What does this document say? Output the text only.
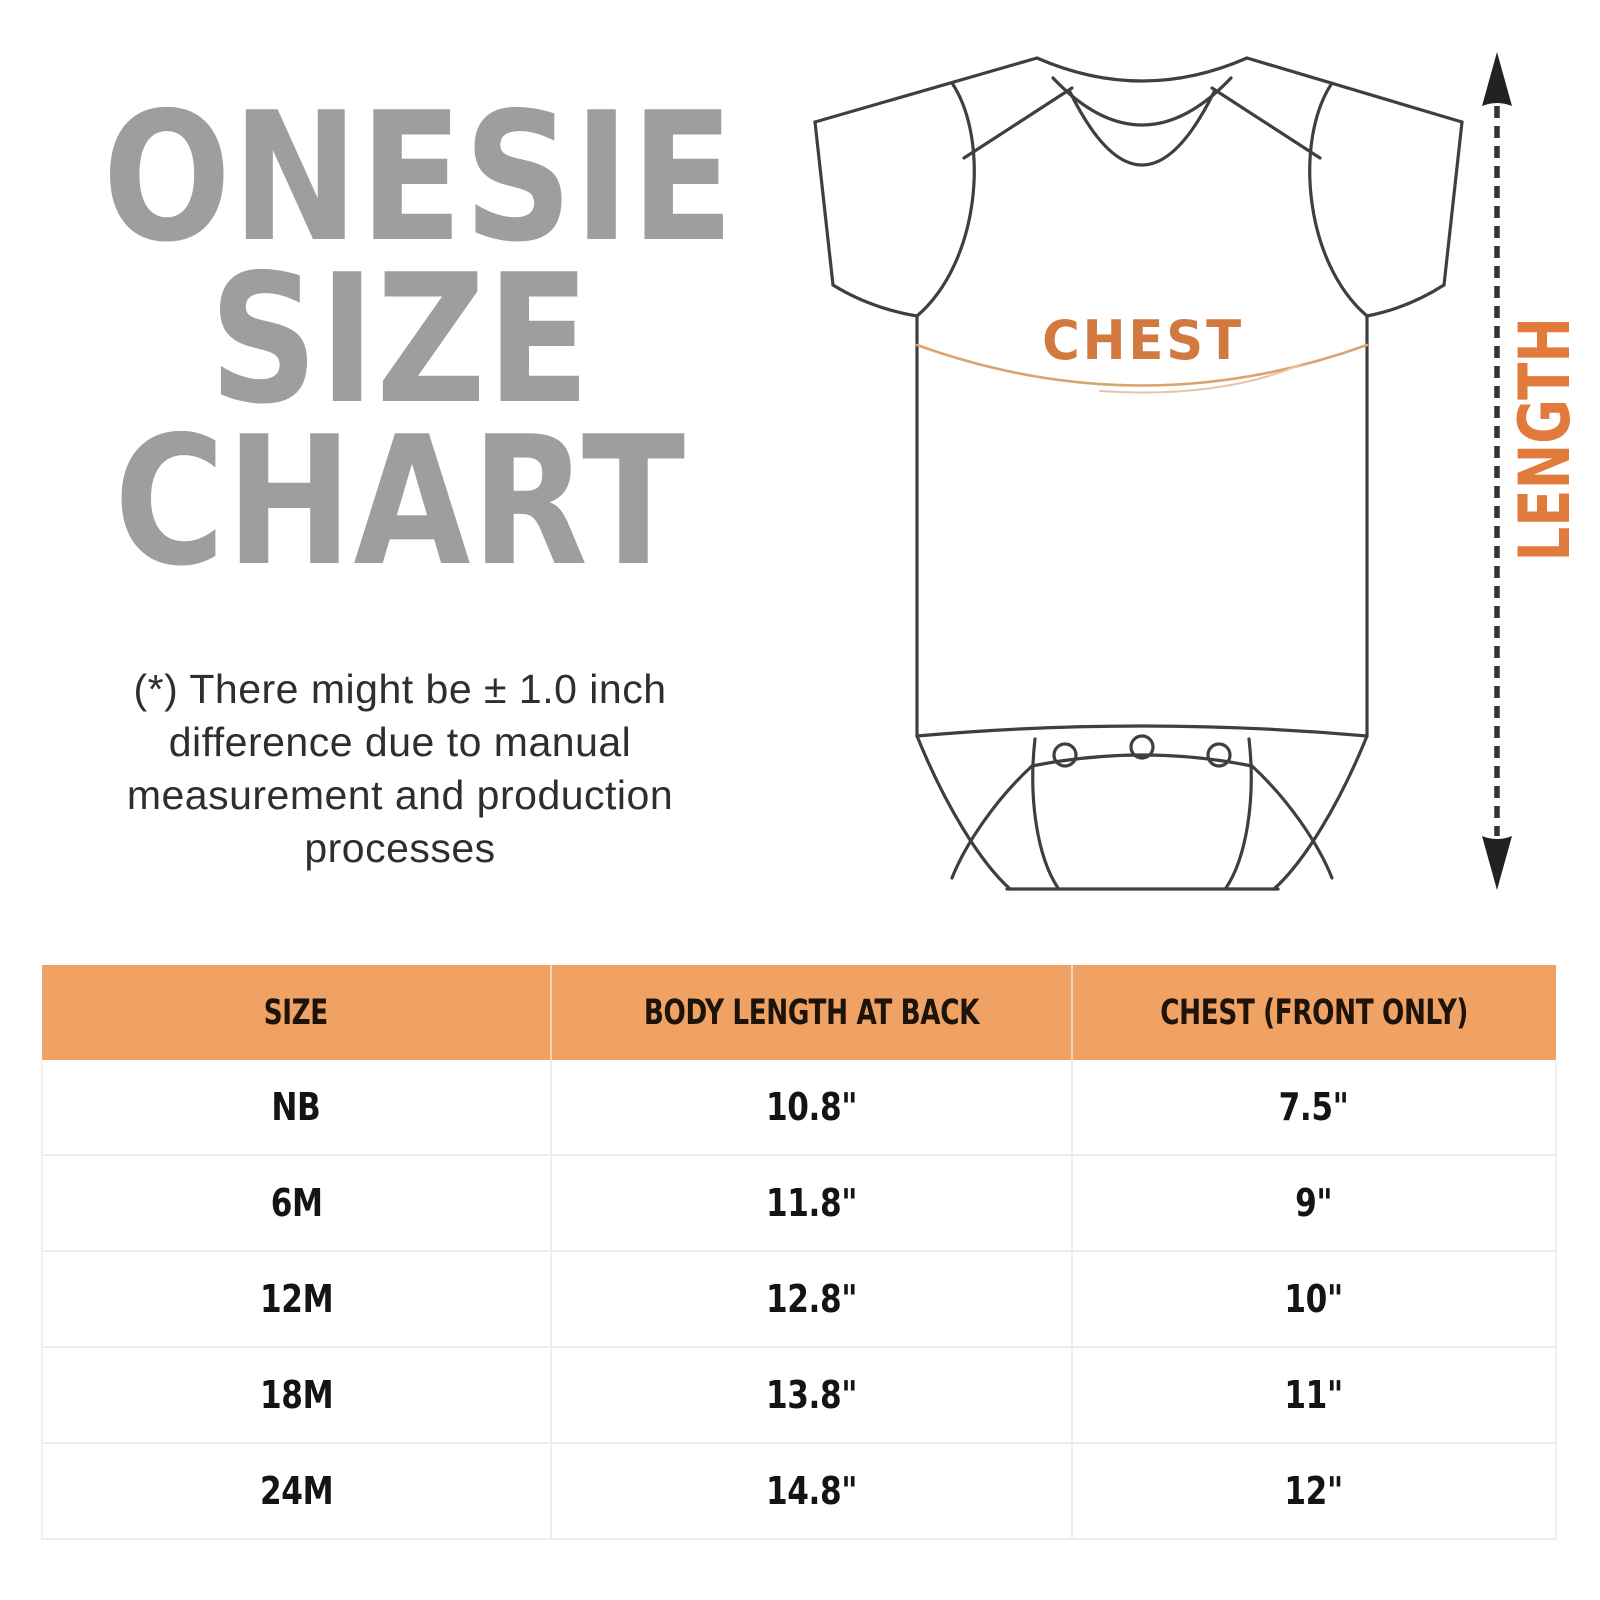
ONESIE
SIZE
CHART
(*) There might be ± 1.0 inch
difference due to manual
measurement and production
processes
CHEST	LENGTH
SIZE	BODY LENGTH AT BACK	CHEST (FRONT ONLY)
NB	10.8"	7.5"
6M	11.8"	9"
12M	12.8"	10"
18M	13.8"	11"
24M	14.8"	12"
